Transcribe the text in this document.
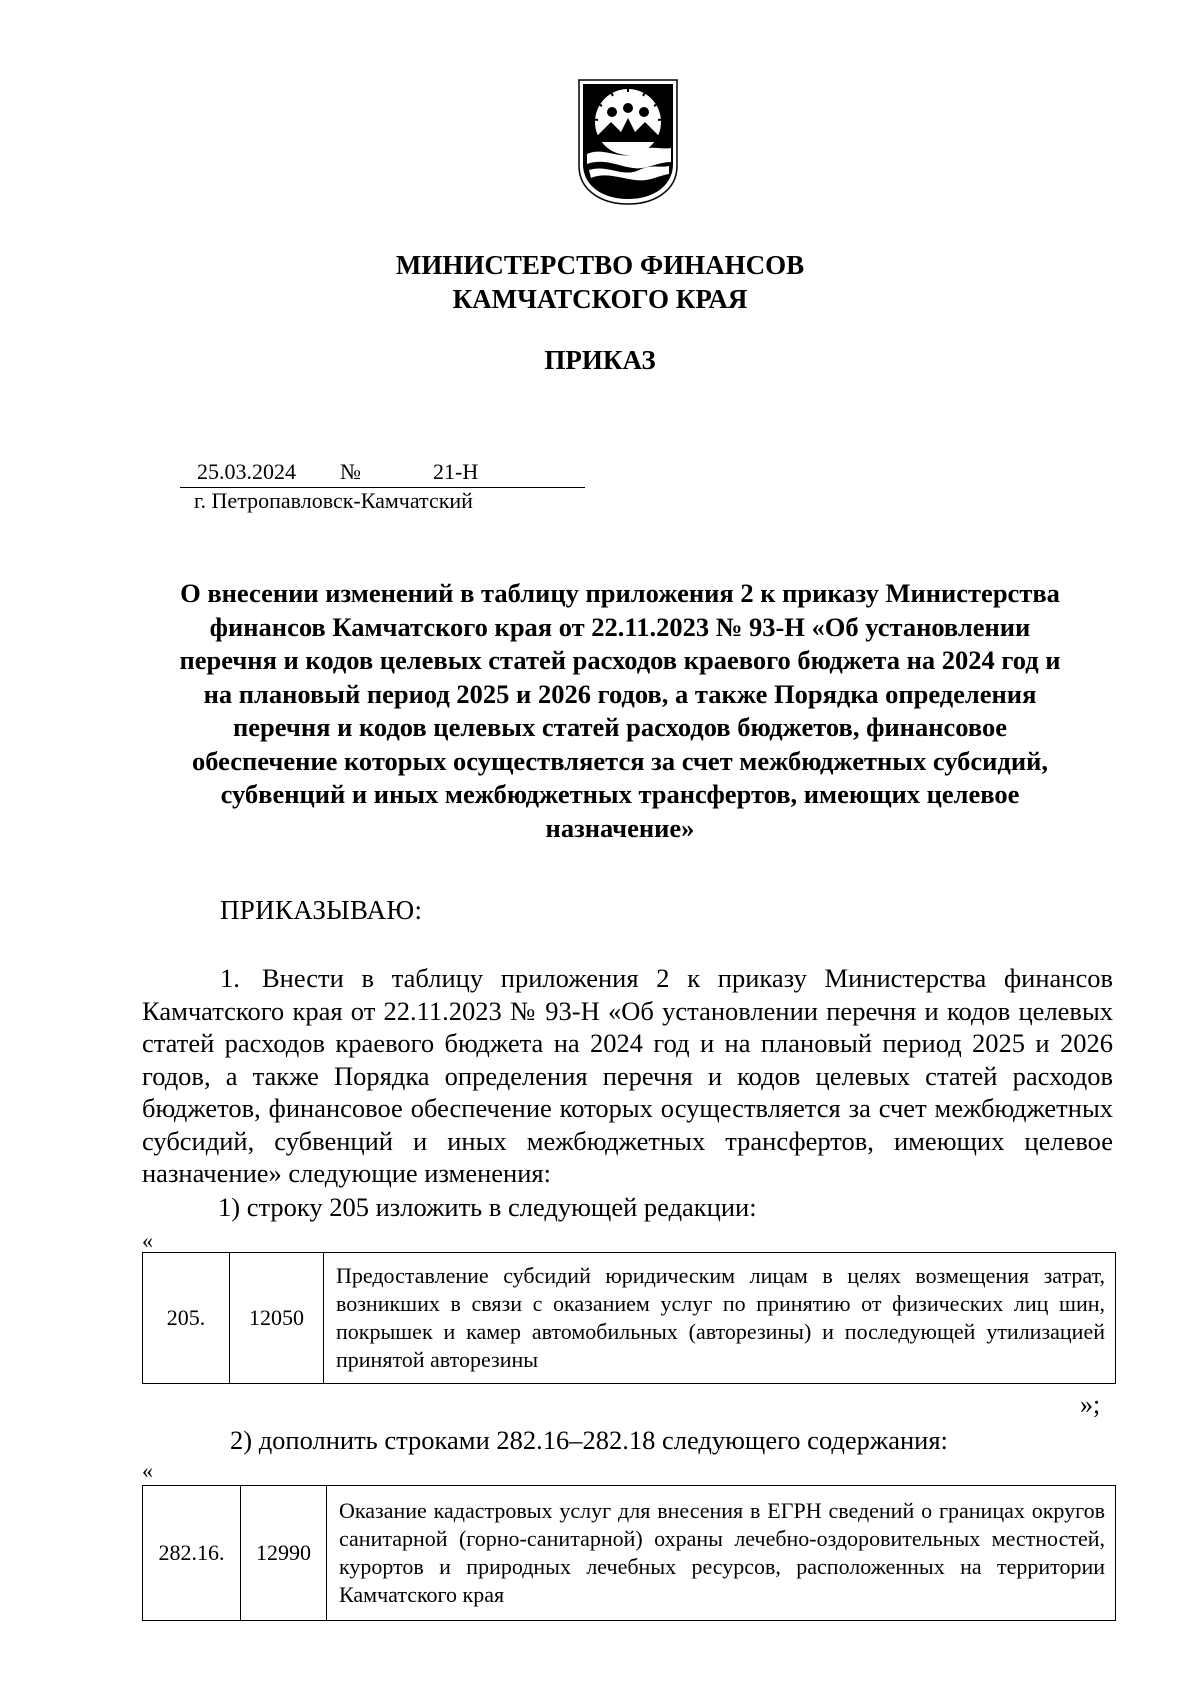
МИНИСТЕРСТВО ФИНАНСОВ
КАМЧАТСКОГО КРАЯ
ПРИКАЗ
25.03.2024 №	21-Н
г. Петропавловск-Камчатский
О внесении изменений в таблицу приложения 2 к приказу Министерства
финансов Камчатского края от 22.11.2023 № 93-Н «Об установлении
перечня и кодов целевых статей расходов краевого бюджета на 2024 год и
на плановый период 2025 и 2026 годов, а также Порядка определения
перечня и кодов целевых статей расходов бюджетов, финансовое
обеспечение которых осуществляется за счет межбюджетных субсидий,
субвенций и иных межбюджетных трансфертов, имеющих целевое
назначение»
ПРИКАЗЫВАЮ:
1. Внести в таблицу приложения 2 к приказу Министерства финансов
Камчатского края от 22.11.2023 № 93-Н «Об установлении перечня и кодов целевых статей расходов краевого бюджета на 2024 год и на плановый период 2025 и 2026 годов, а также Порядка определения перечня и кодов целевых статей расходов бюджетов, финансовое обеспечение которых осуществляется за счет межбюджетных субсидий, субвенций и иных межбюджетных трансфертов, имеющих целевое назначение» следующие изменения:
1) строку 205 изложить в следующей редакции:
«
205.	12050	Предоставление субсидий юридическим лицам в целях возмещения затрат, возникших в связи с оказанием услуг по принятию от физических лиц шин, покрышек и камер автомобильных (авторезины) и последующей утилизацией принятой авторезины
»;
2) дополнить строками 282.16–282.18 следующего содержания:
«
282.16.	12990	Оказание кадастровых услуг для внесения в ЕГРН сведений о границах округов санитарной (горно-санитарной) охраны лечебно-оздоровительных местностей, курортов и природных лечебных ресурсов, расположенных на территории Камчатского края
